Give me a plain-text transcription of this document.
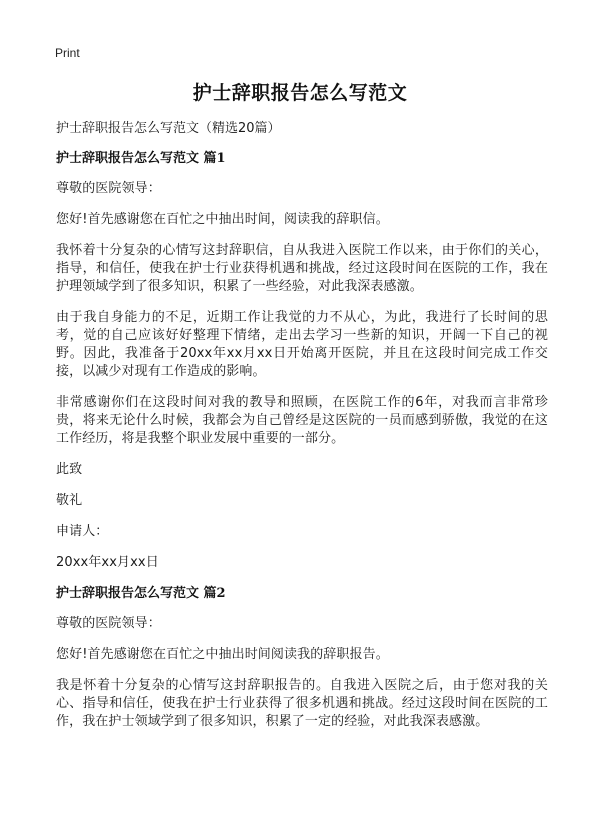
Print
护士辞职报告怎么写范文
护士辞职报告怎么写范文（精选20篇）
护士辞职报告怎么写范文 篇1
尊敬的医院领导：
您好!首先感谢您在百忙之中抽出时间，阅读我的辞职信。
我怀着十分复杂的心情写这封辞职信，自从我进入医院工作以来，由于你们的关心，指导，和信任，使我在护士行业获得机遇和挑战，经过这段时间在医院的工作，我在护理领域学到了很多知识，积累了一些经验，对此我深表感激。
由于我自身能力的不足，近期工作让我觉的力不从心，为此，我进行了长时间的思考，觉的自己应该好好整理下情绪，走出去学习一些新的知识，开阔一下自己的视野。因此，我准备于20xx年xx月xx日开始离开医院，并且在这段时间完成工作交接，以减少对现有工作造成的影响。
非常感谢你们在这段时间对我的教导和照顾，在医院工作的6年，对我而言非常珍贵，将来无论什么时候，我都会为自己曾经是这医院的一员而感到骄傲，我觉的在这工作经历，将是我整个职业发展中重要的一部分。
此致
敬礼
申请人：
20xx年xx月xx日
护士辞职报告怎么写范文 篇2
尊敬的医院领导：
您好!首先感谢您在百忙之中抽出时间阅读我的辞职报告。
我是怀着十分复杂的心情写这封辞职报告的。自我进入医院之后，由于您对我的关心、指导和信任，使我在护士行业获得了很多机遇和挑战。经过这段时间在医院的工作，我在护士领域学到了很多知识，积累了一定的经验，对此我深表感激。
